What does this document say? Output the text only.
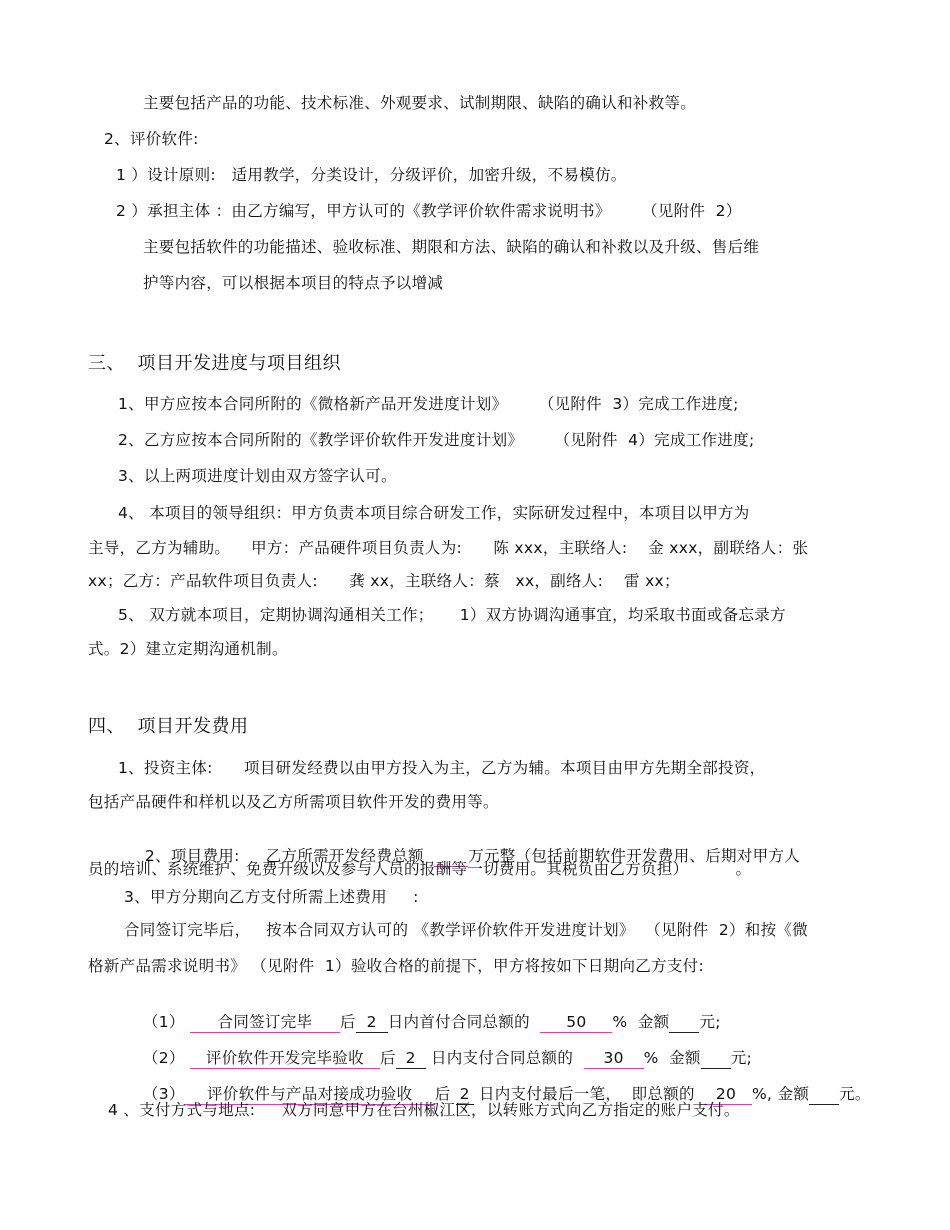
主要包括产品的功能、技术标准、外观要求、试制期限、缺陷的确认和补救等。
2、评价软件:
1 ）设计原则:   适用教学，分类设计，分级评价，加密升级，不易模仿。
2 ）承担主体 ：由乙方编写，甲方认可的《教学评价软件需求说明书》      （见附件  2）
主要包括软件的功能描述、验收标准、期限和方法、缺陷的确认和补救以及升级、售后维
护等内容，可以根据本项目的特点予以增减
三、  项目开发进度与项目组织
1、甲方应按本合同所附的《微格新产品开发进度计划》      （见附件  3）完成工作进度;
2、乙方应按本合同所附的《教学评价软件开发进度计划》      （见附件  4）完成工作进度;
3、以上两项进度计划由双方签字认可。
4、 本项目的领导组织：甲方负责本项目综合研发工作，实际研发过程中，本项目以甲方为
主导，乙方为辅助。    甲方：产品硬件项目负责人为:      陈 xxx，主联络人:    金 xxx，副联络人：张
xx；乙方：产品软件项目负责人:      龚 xx，主联络人：蔡   xx，副络人:    雷 xx；
5、 双方就本项目，定期协调沟通相关工作；     1）双方协调沟通事宜，均采取书面或备忘录方
式。2）建立定期沟通机制。
四、  项目开发费用
1、投资主体:      项目研发经费以由甲方投入为主，乙方为辅。本项目由甲方先期全部投资，
包括产品硬件和样机以及乙方所需项目软件开发的费用等。

2、项目费用:     乙方所需开发经费总额   万元整（包括前期软件开发费用、后期对甲方人

员的培训、系统维护、免费升级以及参与人员的报酬等一切费用。其税负由乙方负担）         。
3、甲方分期向乙方支付所需上述费用     :
合同签订完毕后，   按本合同双方认可的 《教学评价软件开发进度计划》  （见附件  2）和按《微
格新产品需求说明书》 （见附件  1）验收合格的前提下，甲方将按如下日期向乙方支付:

（1） 合同签订完毕 后 2 日内首付合同总额的  50 %  金额 元;

（2） 评价软件开发完毕验收 后 2 日内支付合同总额的  30 %  金额 元;

（3） 评价软件与产品对接成功验收 后 2 日内支付最后一笔，  即总额的 20 %, 金额 元。

4 、支付方式与地点:     双方同意甲方在台州椒江区，以转账方式向乙方指定的账户支付。
